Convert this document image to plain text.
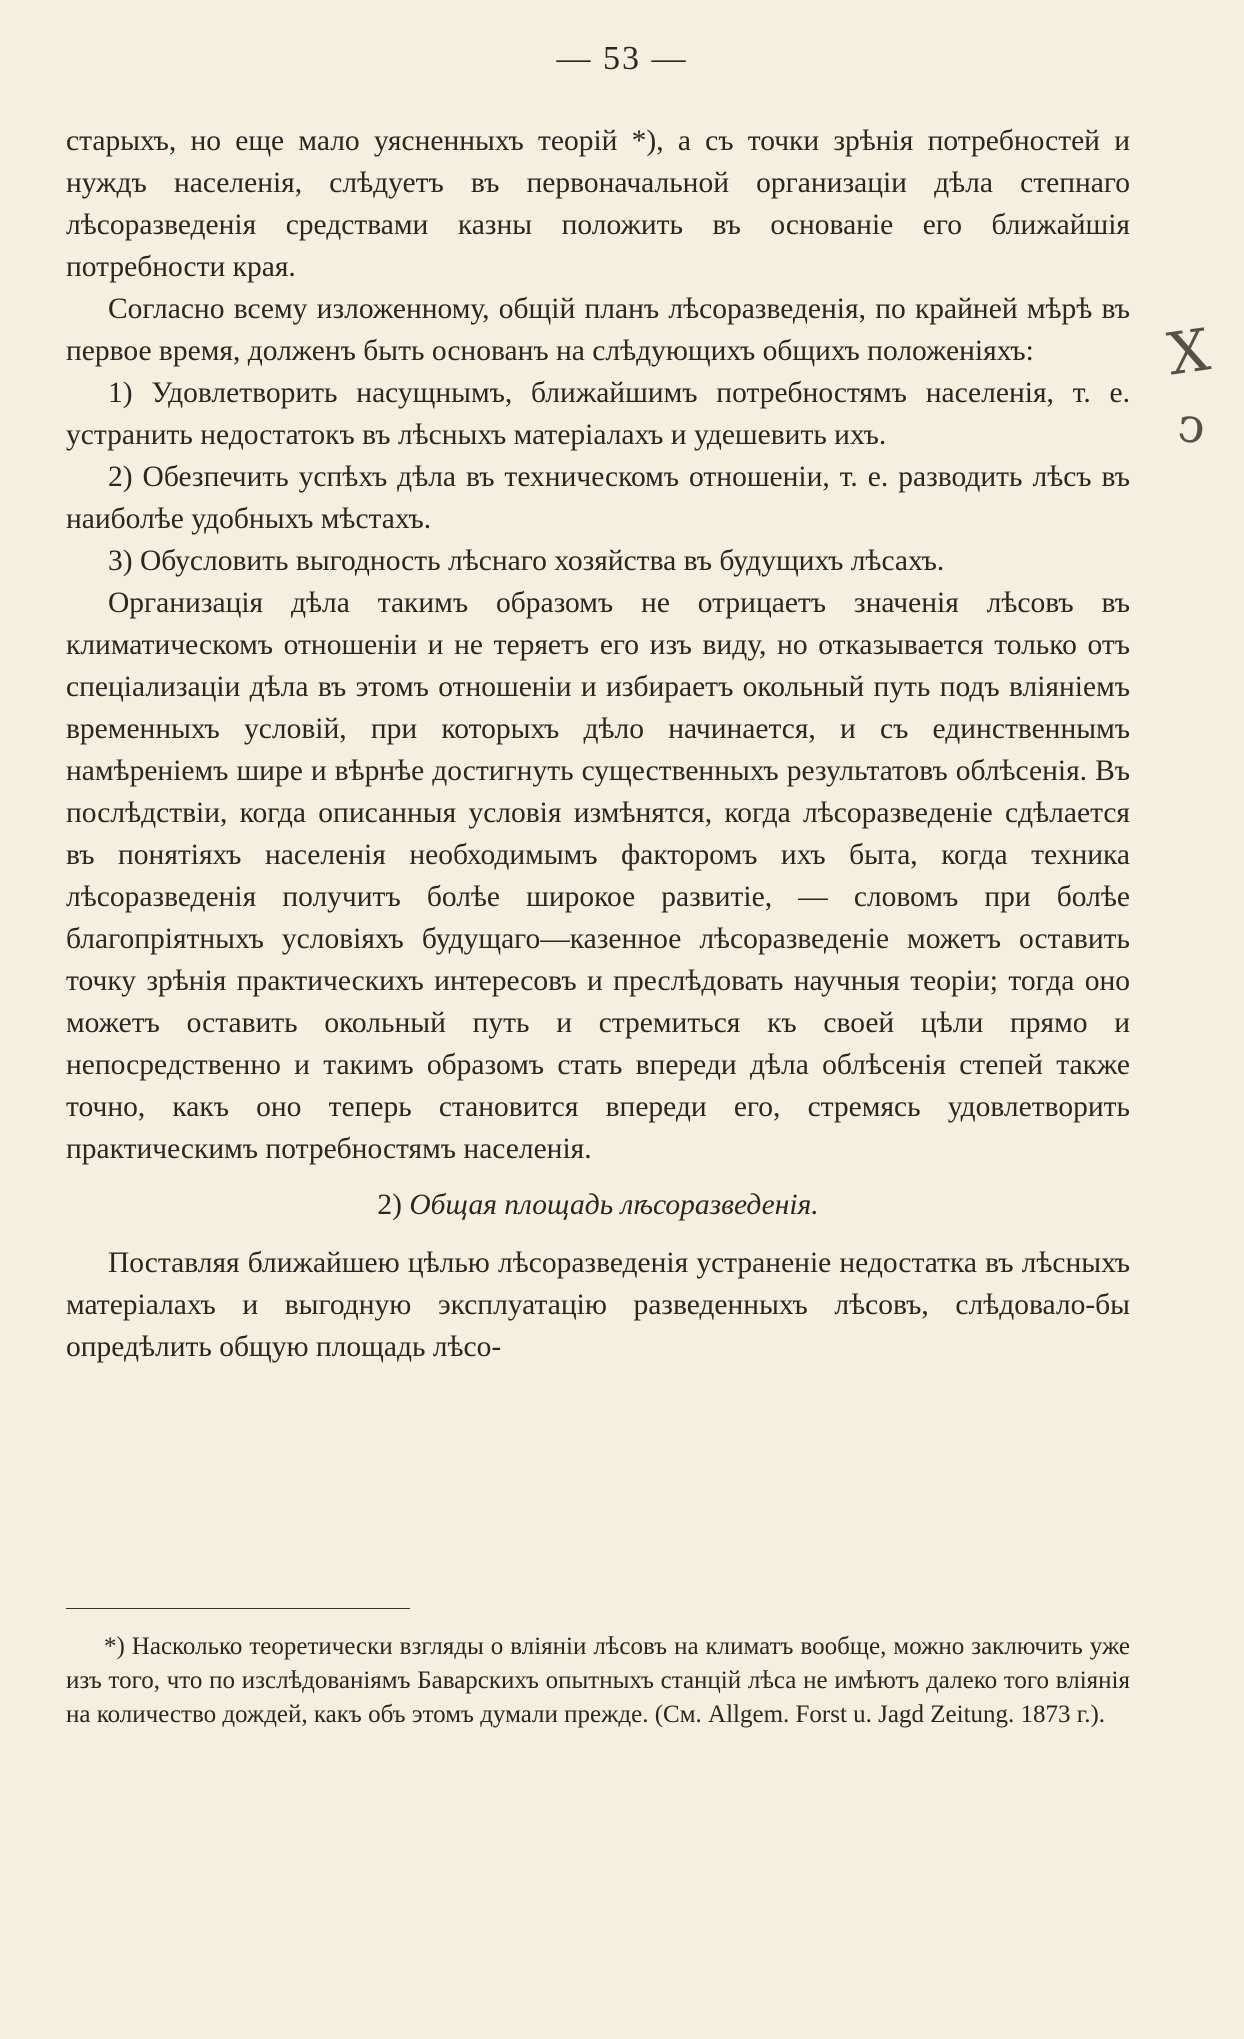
— 53 —

старыхъ, но еще мало уясненныхъ теорій *), а съ точки зрѣнія потребностей и нуждъ населенія, слѣдуетъ въ первоначальной организаціи дѣла степнаго лѣсоразведенія средствами казны положить въ основаніе его ближайшія потребности края.

Согласно всему изложенному, общій планъ лѣсоразведенія, по крайней мѣрѣ въ первое время, долженъ быть основанъ на слѣдующихъ общихъ положеніяхъ:

1) Удовлетворить насущнымъ, ближайшимъ потребностямъ населенія, т. е. устранить недостатокъ въ лѣсныхъ матеріалахъ и удешевить ихъ.

2) Обезпечить успѣхъ дѣла въ техническомъ отношеніи, т. е. разводить лѣсъ въ наиболѣе удобныхъ мѣстахъ.

3) Обусловить выгодность лѣснаго хозяйства въ будущихъ лѣсахъ.

Организація дѣла такимъ образомъ не отрицаетъ значенія лѣсовъ въ климатическомъ отношеніи и не теряетъ его изъ виду, но отказывается только отъ спеціализаціи дѣла въ этомъ отношеніи и избираетъ окольный путь подъ вліяніемъ временныхъ условій, при которыхъ дѣло начинается, и съ единственнымъ намѣреніемъ шире и вѣрнѣе достигнуть существенныхъ результатовъ облѣсенія. Въ послѣдствіи, когда описанныя условія измѣнятся, когда лѣсоразведеніе сдѣлается въ понятіяхъ населенія необходимымъ факторомъ ихъ быта, когда техника лѣсоразведенія получитъ болѣе широкое развитіе, — словомъ при болѣе благопріятныхъ условіяхъ будущаго—казенное лѣсоразведеніе можетъ оставить точку зрѣнія практическихъ интересовъ и преслѣдовать научныя теоріи; тогда оно можетъ оставить окольный путь и стремиться къ своей цѣли прямо и непосредственно и такимъ образомъ стать впереди дѣла облѣсенія степей также точно, какъ оно теперь становится впереди его, стремясь удовлетворить практическимъ потребностямъ населенія.

2) Общая площадь лѣсоразведенія.

Поставляя ближайшею цѣлью лѣсоразведенія устраненіе недостатка въ лѣсныхъ матеріалахъ и выгодную эксплуатацію разведенныхъ лѣсовъ, слѣдовало-бы опредѣлить общую площадь лѣсо-

*) Насколько теоретически взгляды о вліяніи лѣсовъ на климатъ вообще, можно заключить уже изъ того, что по изслѣдованіямъ Баварскихъ опытныхъ станцій лѣса не имѣютъ далеко того вліянія на количество дождей, какъ объ этомъ думали прежде. (См. Allgem. Forst u. Jagd Zeitung. 1873 г.).

Х
ↄ
